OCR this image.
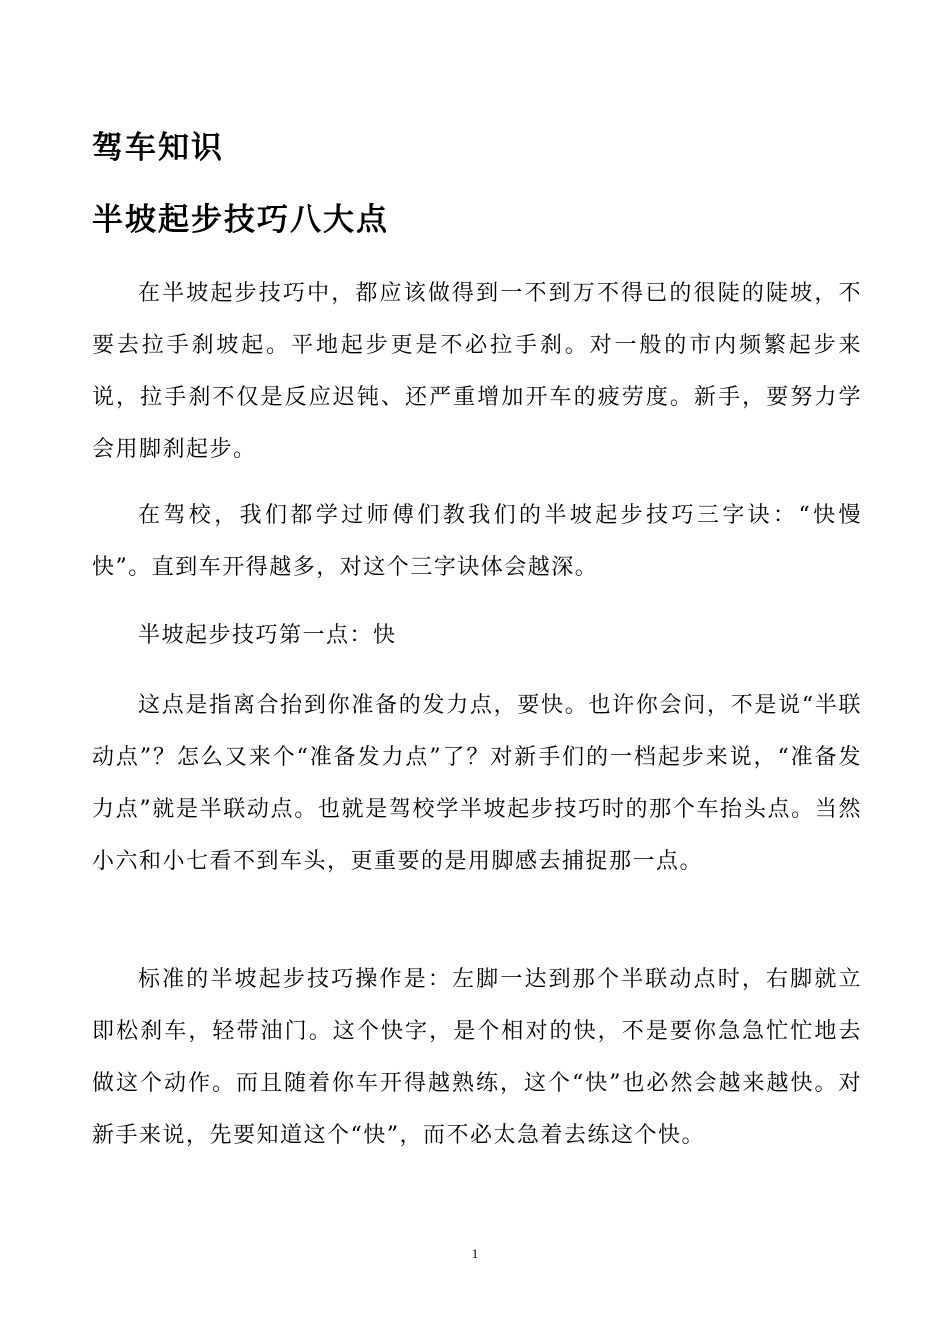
驾车知识
半坡起步技巧八大点

在半坡起步技巧中，都应该做得到一不到万不得已的很陡的陡坡，不要去拉手刹坡起。平地起步更是不必拉手刹。对一般的市内频繁起步来说，拉手刹不仅是反应迟钝、还严重增加开车的疲劳度。新手，要努力学会用脚刹起步。

在驾校，我们都学过师傅们教我们的半坡起步技巧三字诀：“快慢快”。直到车开得越多，对这个三字诀体会越深。

半坡起步技巧第一点：快

这点是指离合抬到你准备的发力点，要快。也许你会问，不是说“半联动点”？怎么又来个“准备发力点”了？对新手们的一档起步来说，“准备发力点”就是半联动点。也就是驾校学半坡起步技巧时的那个车抬头点。当然小六和小七看不到车头，更重要的是用脚感去捕捉那一点。

标准的半坡起步技巧操作是：左脚一达到那个半联动点时，右脚就立即松刹车，轻带油门。这个快字，是个相对的快，不是要你急急忙忙地去做这个动作。而且随着你车开得越熟练，这个“快”也必然会越来越快。对新手来说，先要知道这个“快”，而不必太急着去练这个快。

1
